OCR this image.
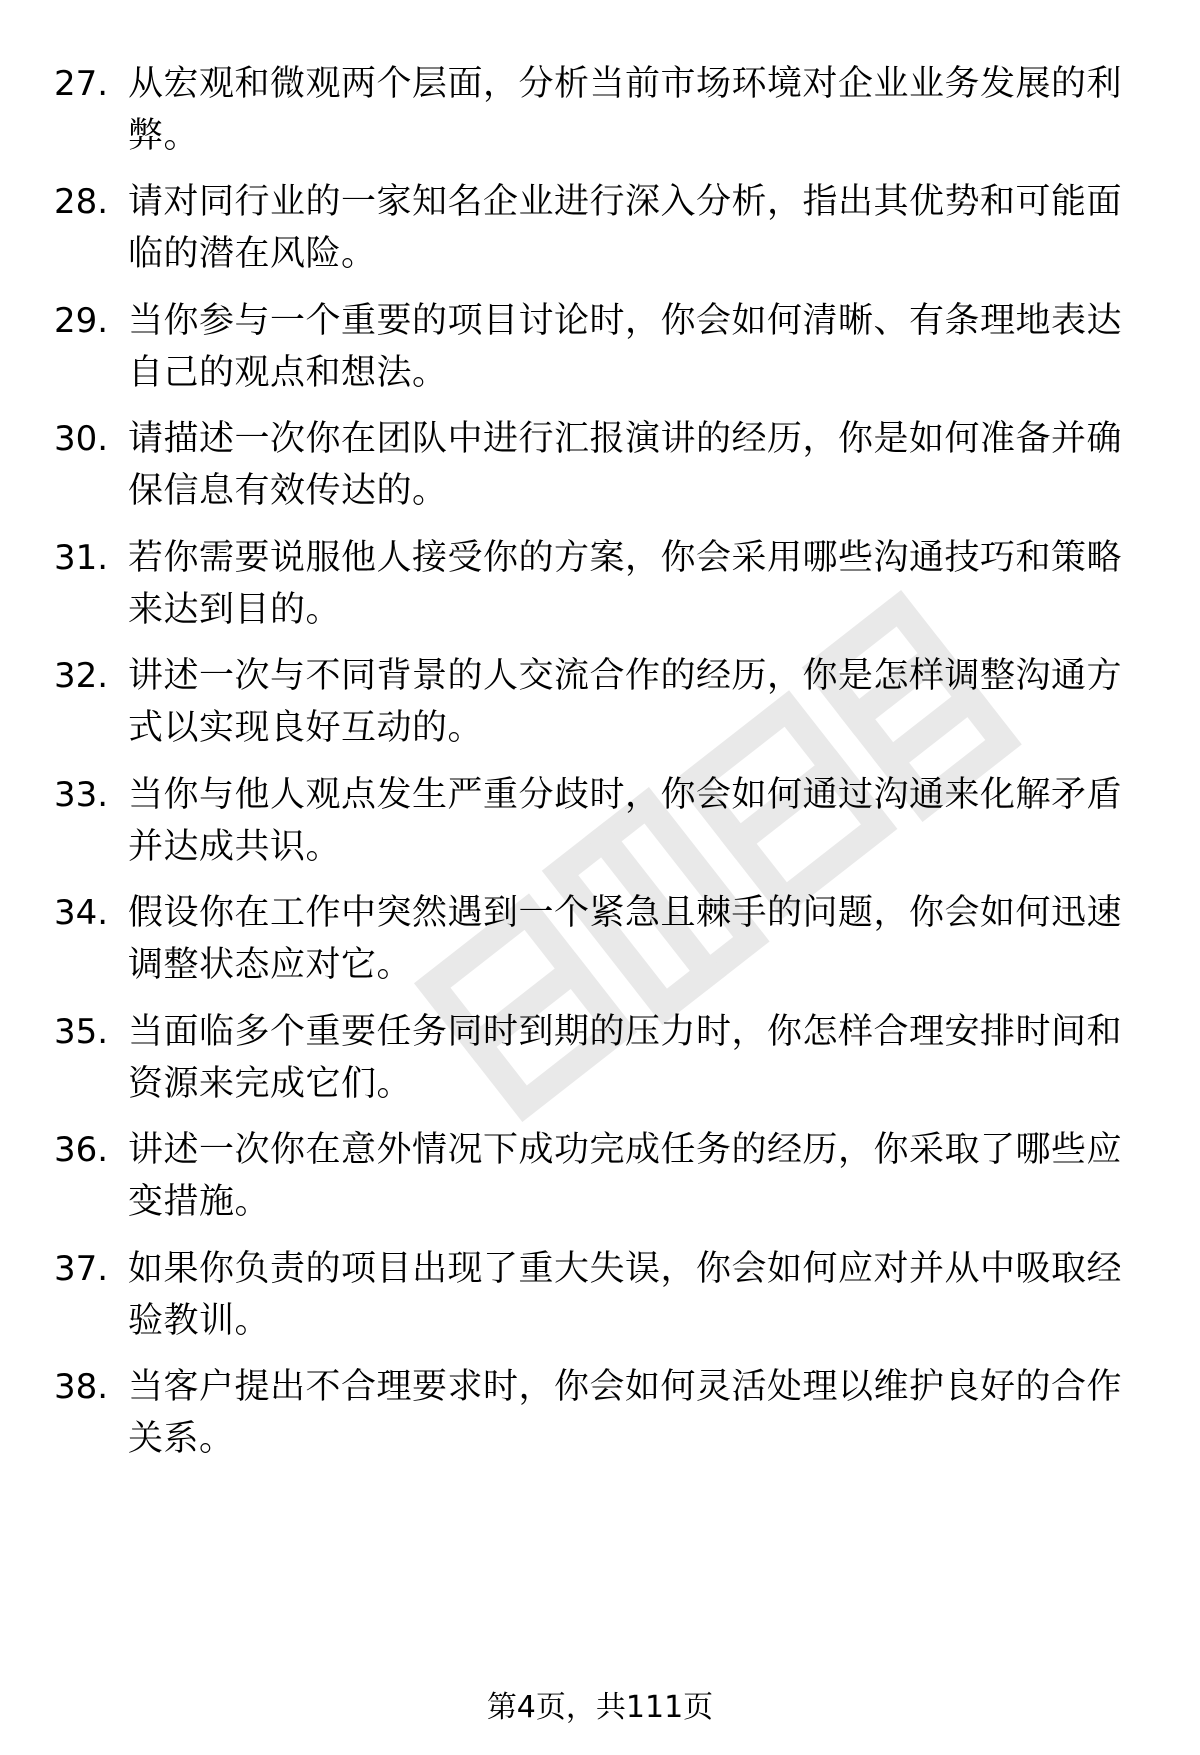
27. 从宏观和微观两个层面，分析当前市场环境对企业业务发展的利弊。
28. 请对同行业的一家知名企业进行深入分析，指出其优势和可能面临的潜在风险。
29. 当你参与一个重要的项目讨论时，你会如何清晰、有条理地表达自己的观点和想法。
30. 请描述一次你在团队中进行汇报演讲的经历，你是如何准备并确保信息有效传达的。
31. 若你需要说服他人接受你的方案，你会采用哪些沟通技巧和策略来达到目的。
32. 讲述一次与不同背景的人交流合作的经历，你是怎样调整沟通方式以实现良好互动的。
33. 当你与他人观点发生严重分歧时，你会如何通过沟通来化解矛盾并达成共识。
34. 假设你在工作中突然遇到一个紧急且棘手的问题，你会如何迅速调整状态应对它。
35. 当面临多个重要任务同时到期的压力时，你怎样合理安排时间和资源来完成它们。
36. 讲述一次你在意外情况下成功完成任务的经历，你采取了哪些应变措施。
37. 如果你负责的项目出现了重大失误，你会如何应对并从中吸取经验教训。
38. 当客户提出不合理要求时，你会如何灵活处理以维护良好的合作关系。
第4页，共111页
